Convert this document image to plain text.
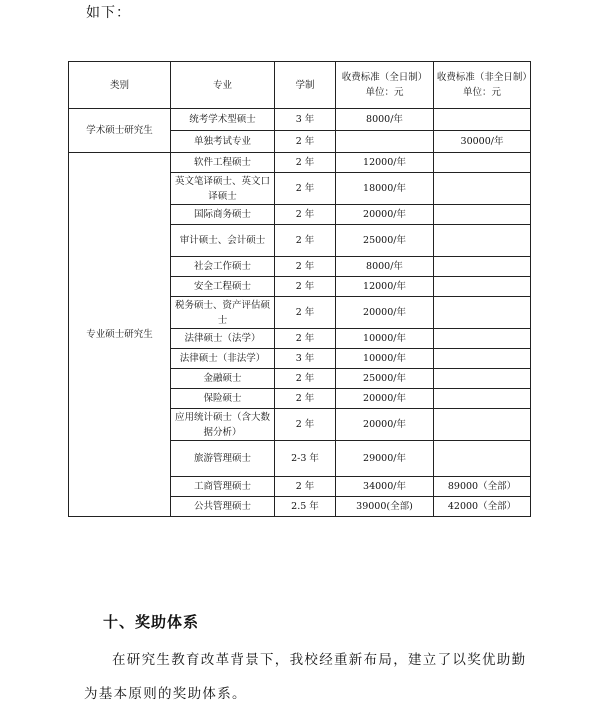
如下：
类别	专业	学制	收费标准（全日制）单位：元	收费标准（非全日制）单位：元
学术硕士研究生	统考学术型硕士	3 年	8000/年	
	单独考试专业	2 年		30000/年
专业硕士研究生	软件工程硕士	2 年	12000/年	
	英文笔译硕士、英文口译硕士	2 年	18000/年	
	国际商务硕士	2 年	20000/年	
	审计硕士、会计硕士	2 年	25000/年	
	社会工作硕士	2 年	8000/年	
	安全工程硕士	2 年	12000/年	
	税务硕士、资产评估硕士	2 年	20000/年	
	法律硕士（法学）	2 年	10000/年	
	法律硕士（非法学）	3 年	10000/年	
	金融硕士	2 年	25000/年	
	保险硕士	2 年	20000/年	
	应用统计硕士（含大数据分析）	2 年	20000/年	
	旅游管理硕士	2-3 年	29000/年	
	工商管理硕士	2 年	34000/年	89000（全部）
	公共管理硕士	2.5 年	39000(全部)	42000（全部）
十、奖助体系
在研究生教育改革背景下，我校经重新布局，建立了以奖优助勤为基本原则的奖助体系。
